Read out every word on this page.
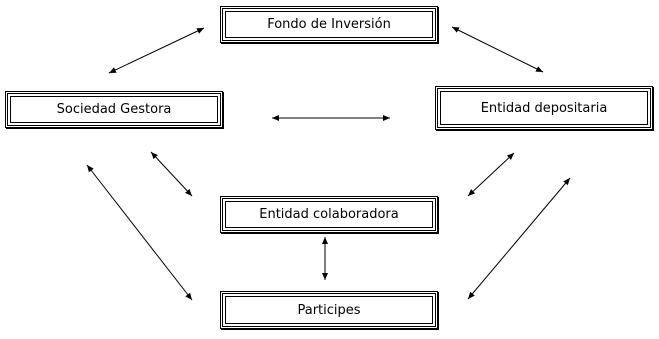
Fondo de Inversión
Sociedad Gestora	Entidad depositaria
Entidad colaboradora
Participes
